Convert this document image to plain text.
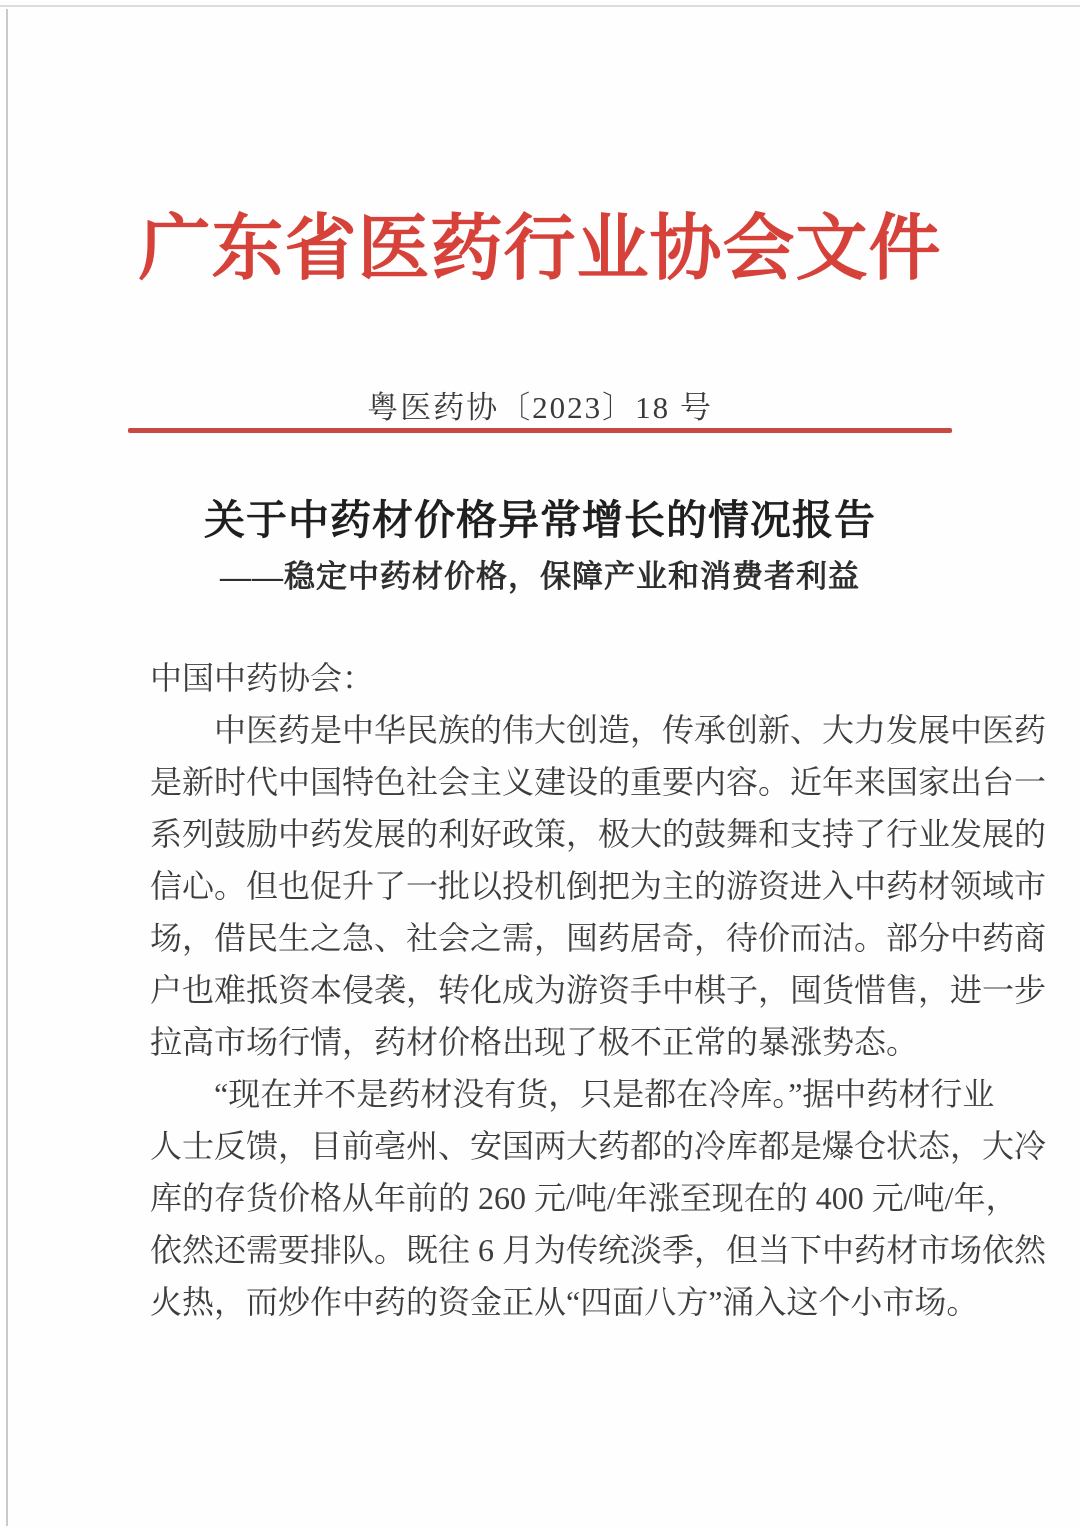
广东省医药行业协会文件
粤医药协〔2023〕18 号
关于中药材价格异常增长的情况报告
——稳定中药材价格，保障产业和消费者利益
中国中药协会：
中医药是中华民族的伟大创造，传承创新、大力发展中医药
是新时代中国特色社会主义建设的重要内容。近年来国家出台一
系列鼓励中药发展的利好政策，极大的鼓舞和支持了行业发展的
信心。但也促升了一批以投机倒把为主的游资进入中药材领域市
场，借民生之急、社会之需，囤药居奇，待价而沽。部分中药商
户也难抵资本侵袭，转化成为游资手中棋子，囤货惜售，进一步
拉高市场行情，药材价格出现了极不正常的暴涨势态。
“现在并不是药材没有货，只是都在冷库。”据中药材行业
人士反馈，目前亳州、安国两大药都的冷库都是爆仓状态，大冷
库的存货价格从年前的 260 元/吨/年涨至现在的 400 元/吨/年，
依然还需要排队。既往 6 月为传统淡季，但当下中药材市场依然
火热，而炒作中药的资金正从“四面八方”涌入这个小市场。
